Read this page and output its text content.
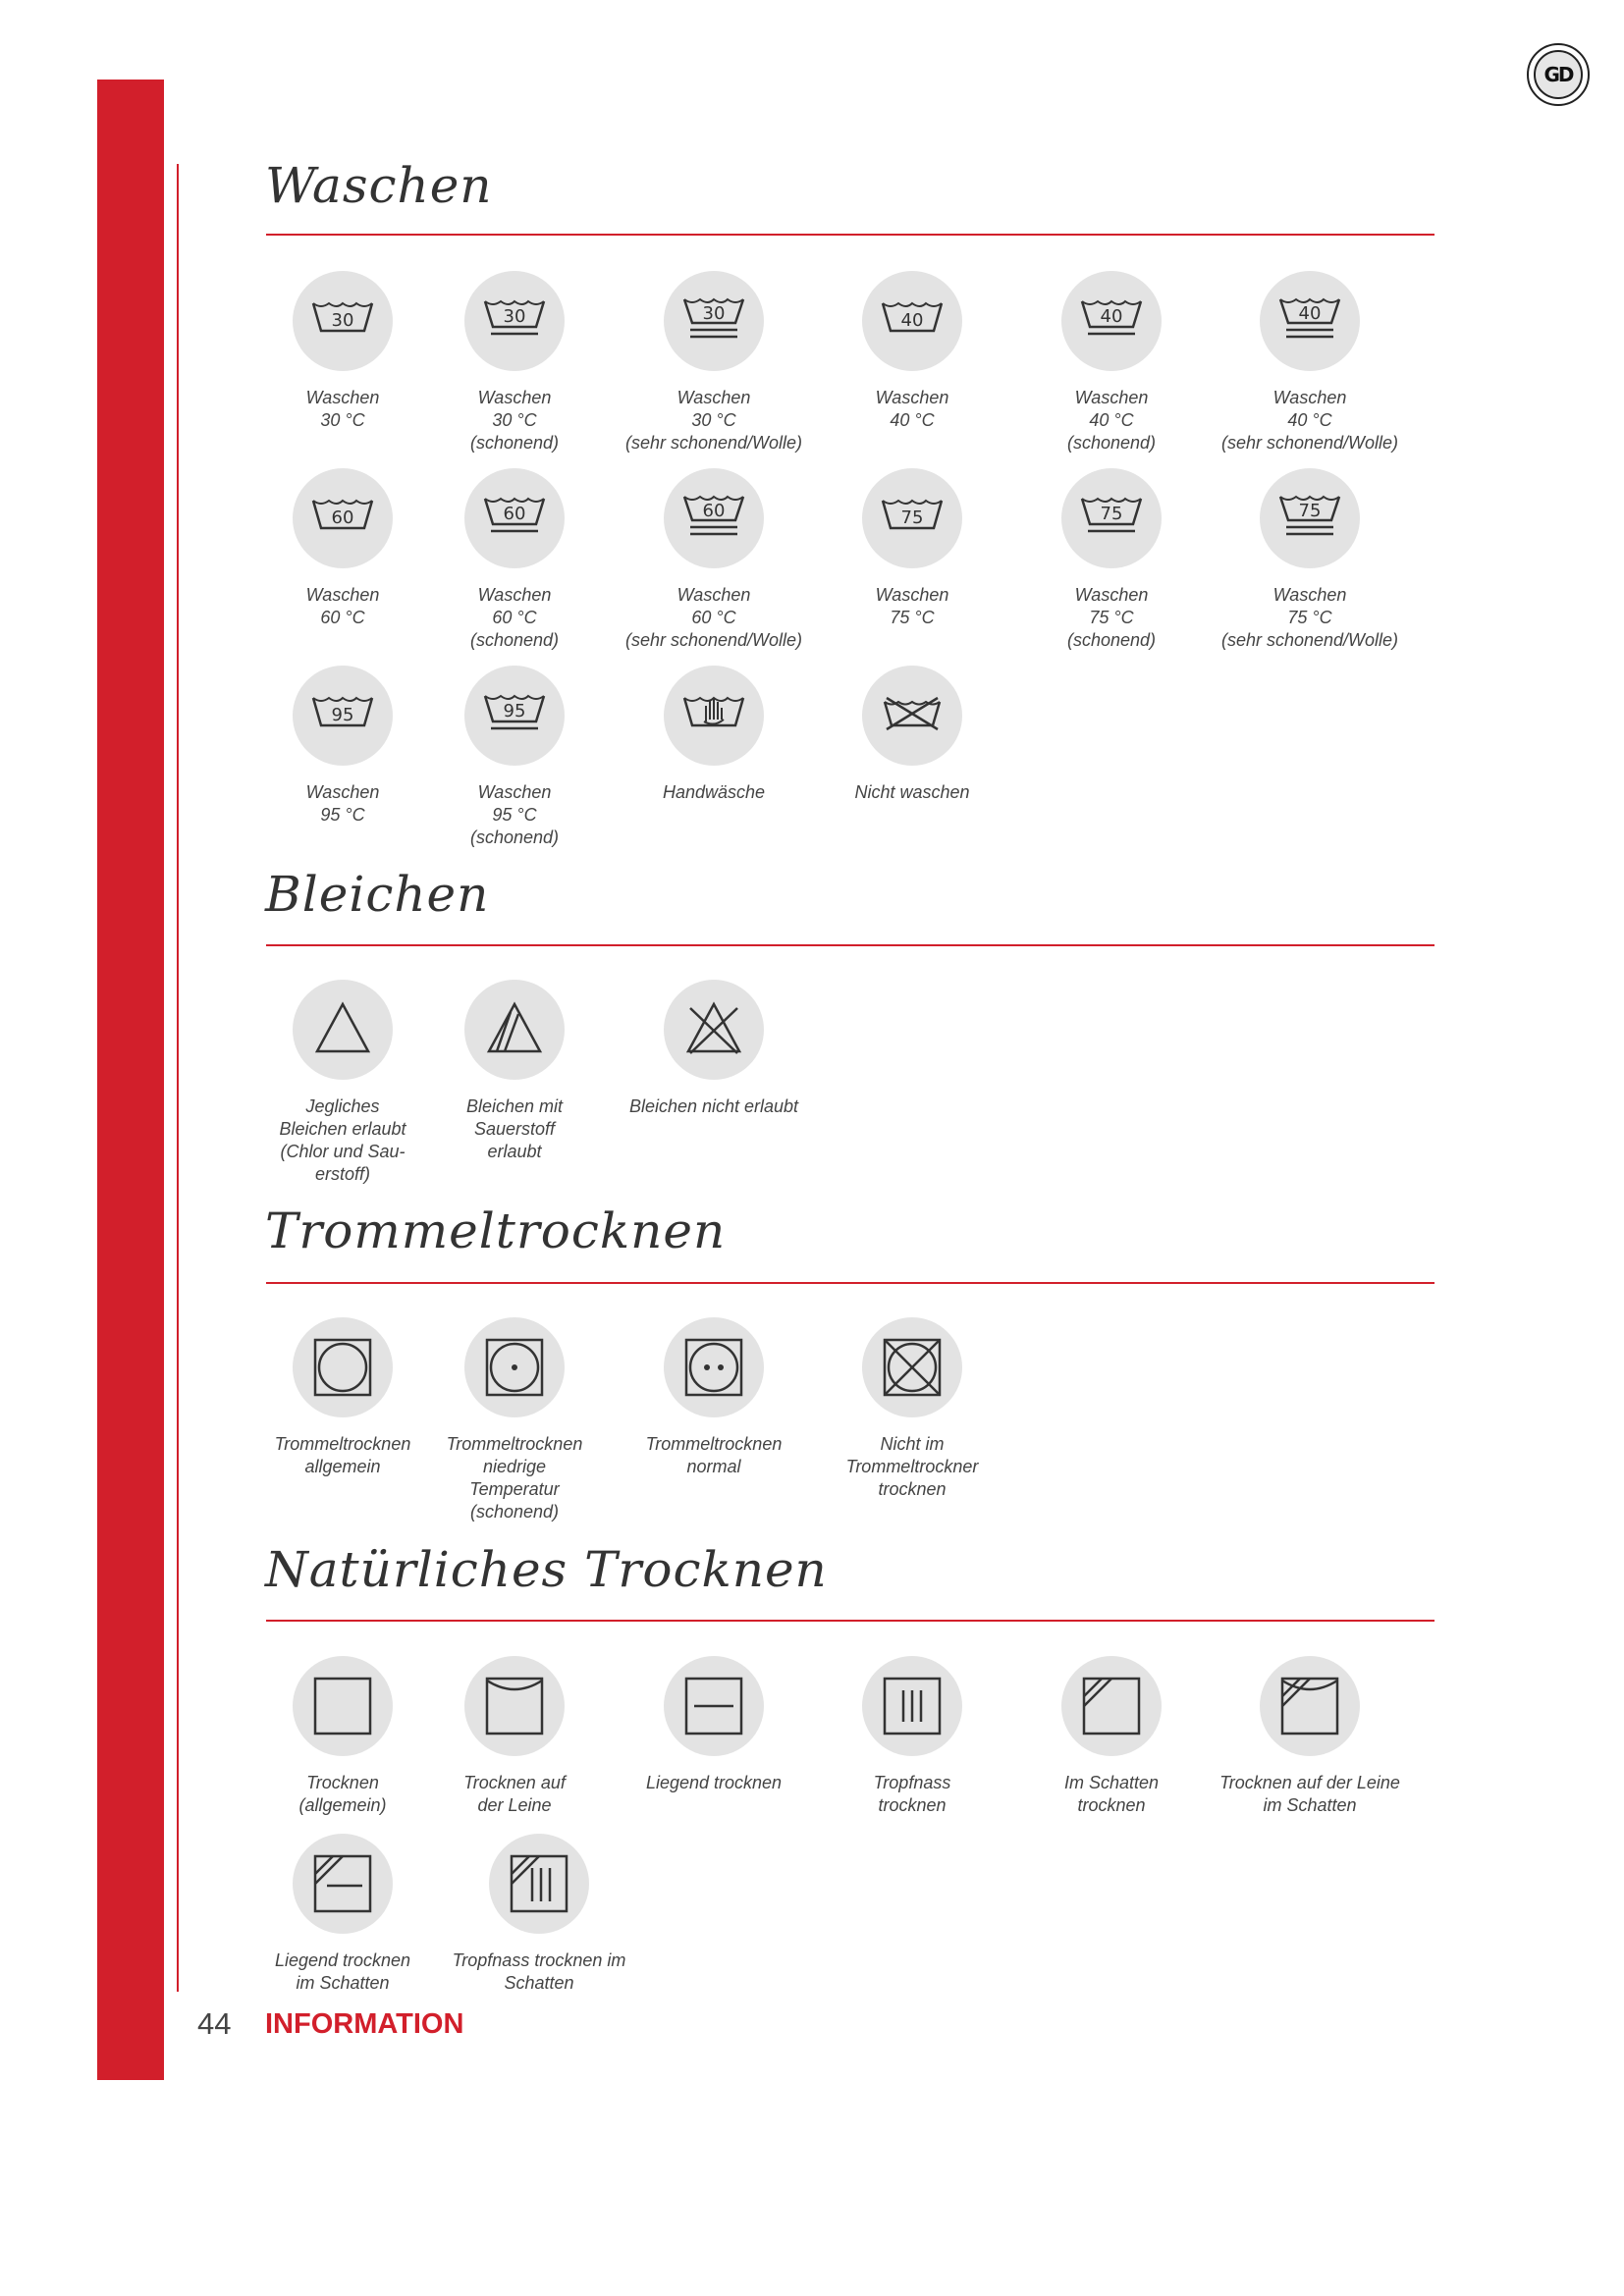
GD
Waschen
30
Waschen
30 °C
30
Waschen
30 °C
(schonend)
30
Waschen
30 °C
(sehr schonend/Wolle)
40
Waschen
40 °C
40
Waschen
40 °C
(schonend)
40
Waschen
40 °C
(sehr schonend/Wolle)
60
Waschen
60 °C
60
Waschen
60 °C
(schonend)
60
Waschen
60 °C
(sehr schonend/Wolle)
75
Waschen
75 °C
75
Waschen
75 °C
(schonend)
75
Waschen
75 °C
(sehr schonend/Wolle)
95
Waschen
95 °C
95
Waschen
95 °C
(schonend)
Handwäsche	Nicht waschen
Bleichen
Jegliches
Bleichen erlaubt
(Chlor und Sau-
erstoff)
Bleichen mit
Sauerstoff
erlaubt
Bleichen nicht erlaubt
Trommeltrocknen
Trommeltrocknen
allgemein
Trommeltrocknen
niedrige
Temperatur
(schonend)
Trommeltrocknen
normal
Nicht im
Trommeltrockner
trocknen
Natürliches Trocknen
Trocknen
(allgemein)
Trocknen auf
der Leine
Liegend trocknen	Tropfnass
trocknen
Im Schatten
trocknen
Trocknen auf der Leine
im Schatten
Liegend trocknen
im Schatten
Tropfnass trocknen im
Schatten
44 INFORMATION
